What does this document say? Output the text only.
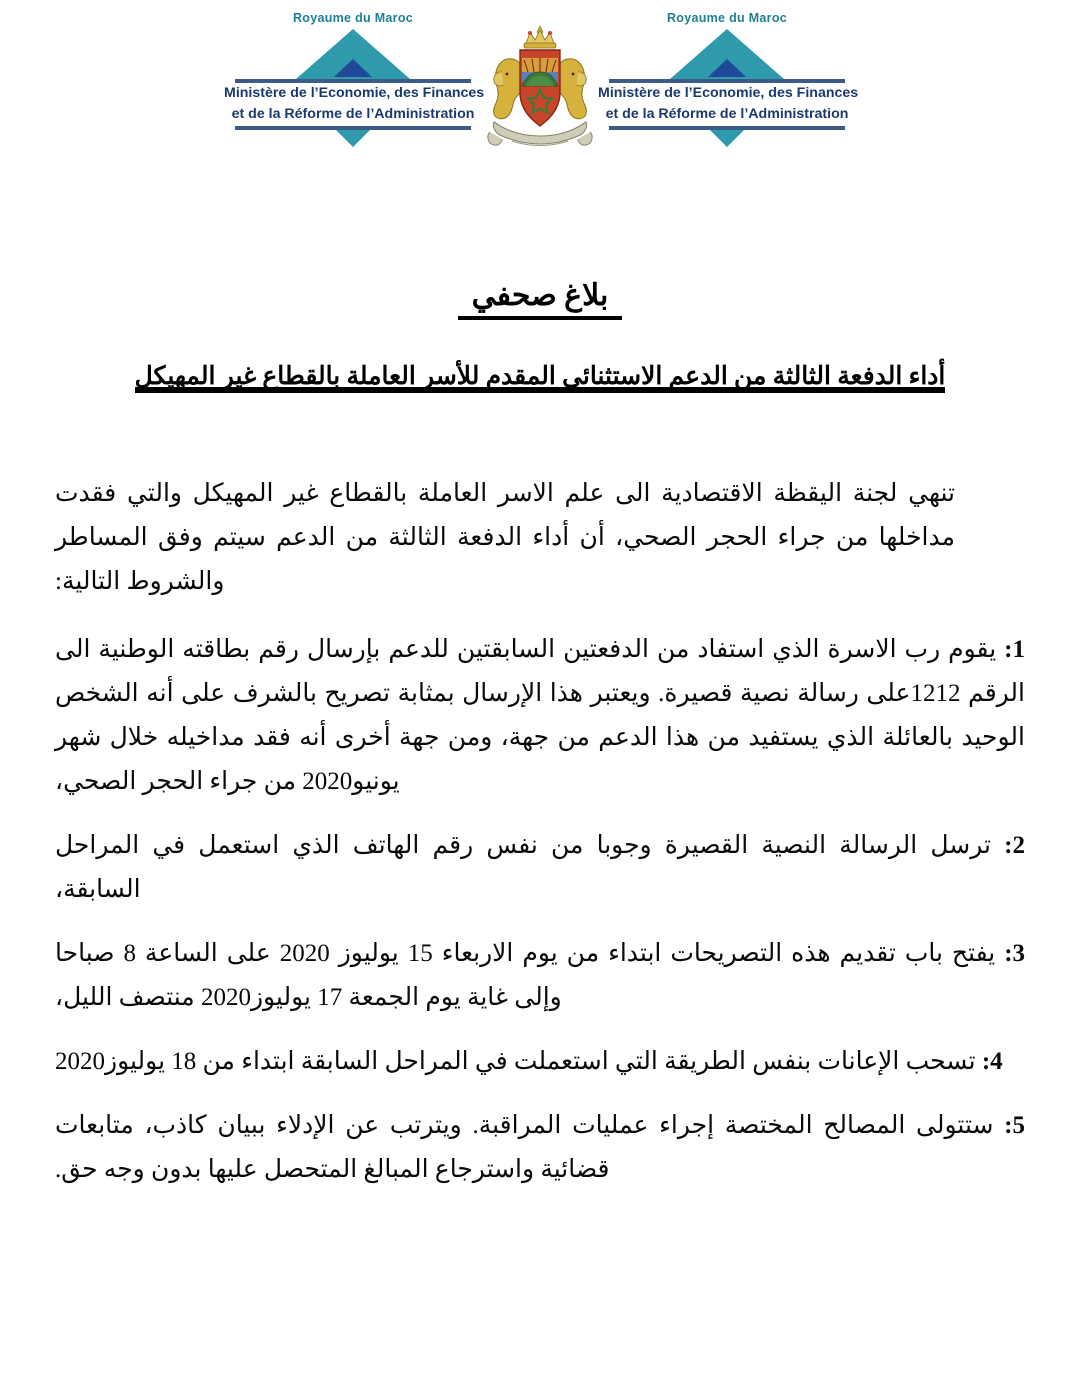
Royaume du Maroc
Ministère de l’Economie, des Finances
et de la Réforme de l’Administration
Royaume du Maroc
Ministère de l’Economie, des Finances
et de la Réforme de l’Administration
بلاغ صحفي
أداء الدفعة الثالثة من الدعم الاستثنائي المقدم للأسر العاملة بالقطاع غير المهيكل

تنهي لجنة اليقظة الاقتصادية الى علم الاسر العاملة بالقطاع غير المهيكل والتي فقدت مداخلها من جراء الحجر الصحي، أن أداء الدفعة الثالثة من الدعم سيتم وفق المساطر والشروط التالية:

1: يقوم رب الاسرة الذي استفاد من الدفعتين السابقتين للدعم بإرسال رقم بطاقته الوطنية الى الرقم 1212على رسالة نصية قصيرة. ويعتبر هذا الإرسال بمثابة تصريح بالشرف على أنه الشخص الوحيد بالعائلة الذي يستفيد من هذا الدعم من جهة، ومن جهة أخرى أنه فقد مداخيله خلال شهر يونيو2020 من جراء الحجر الصحي،

2: ترسل الرسالة النصية القصيرة وجوبا من نفس رقم الهاتف الذي استعمل في المراحل السابقة،

3: يفتح باب تقديم هذه التصريحات ابتداء من يوم الاربعاء 15 يوليوز 2020 على الساعة 8 صباحا وإلى غاية يوم الجمعة 17 يوليوز2020 منتصف الليل،

4: تسحب الإعانات بنفس الطريقة التي استعملت في المراحل السابقة ابتداء من 18 يوليوز2020

5: ستتولى المصالح المختصة إجراء عمليات المراقبة. ويترتب عن الإدلاء ببيان كاذب، متابعات قضائية واسترجاع المبالغ المتحصل عليها بدون وجه حق.
